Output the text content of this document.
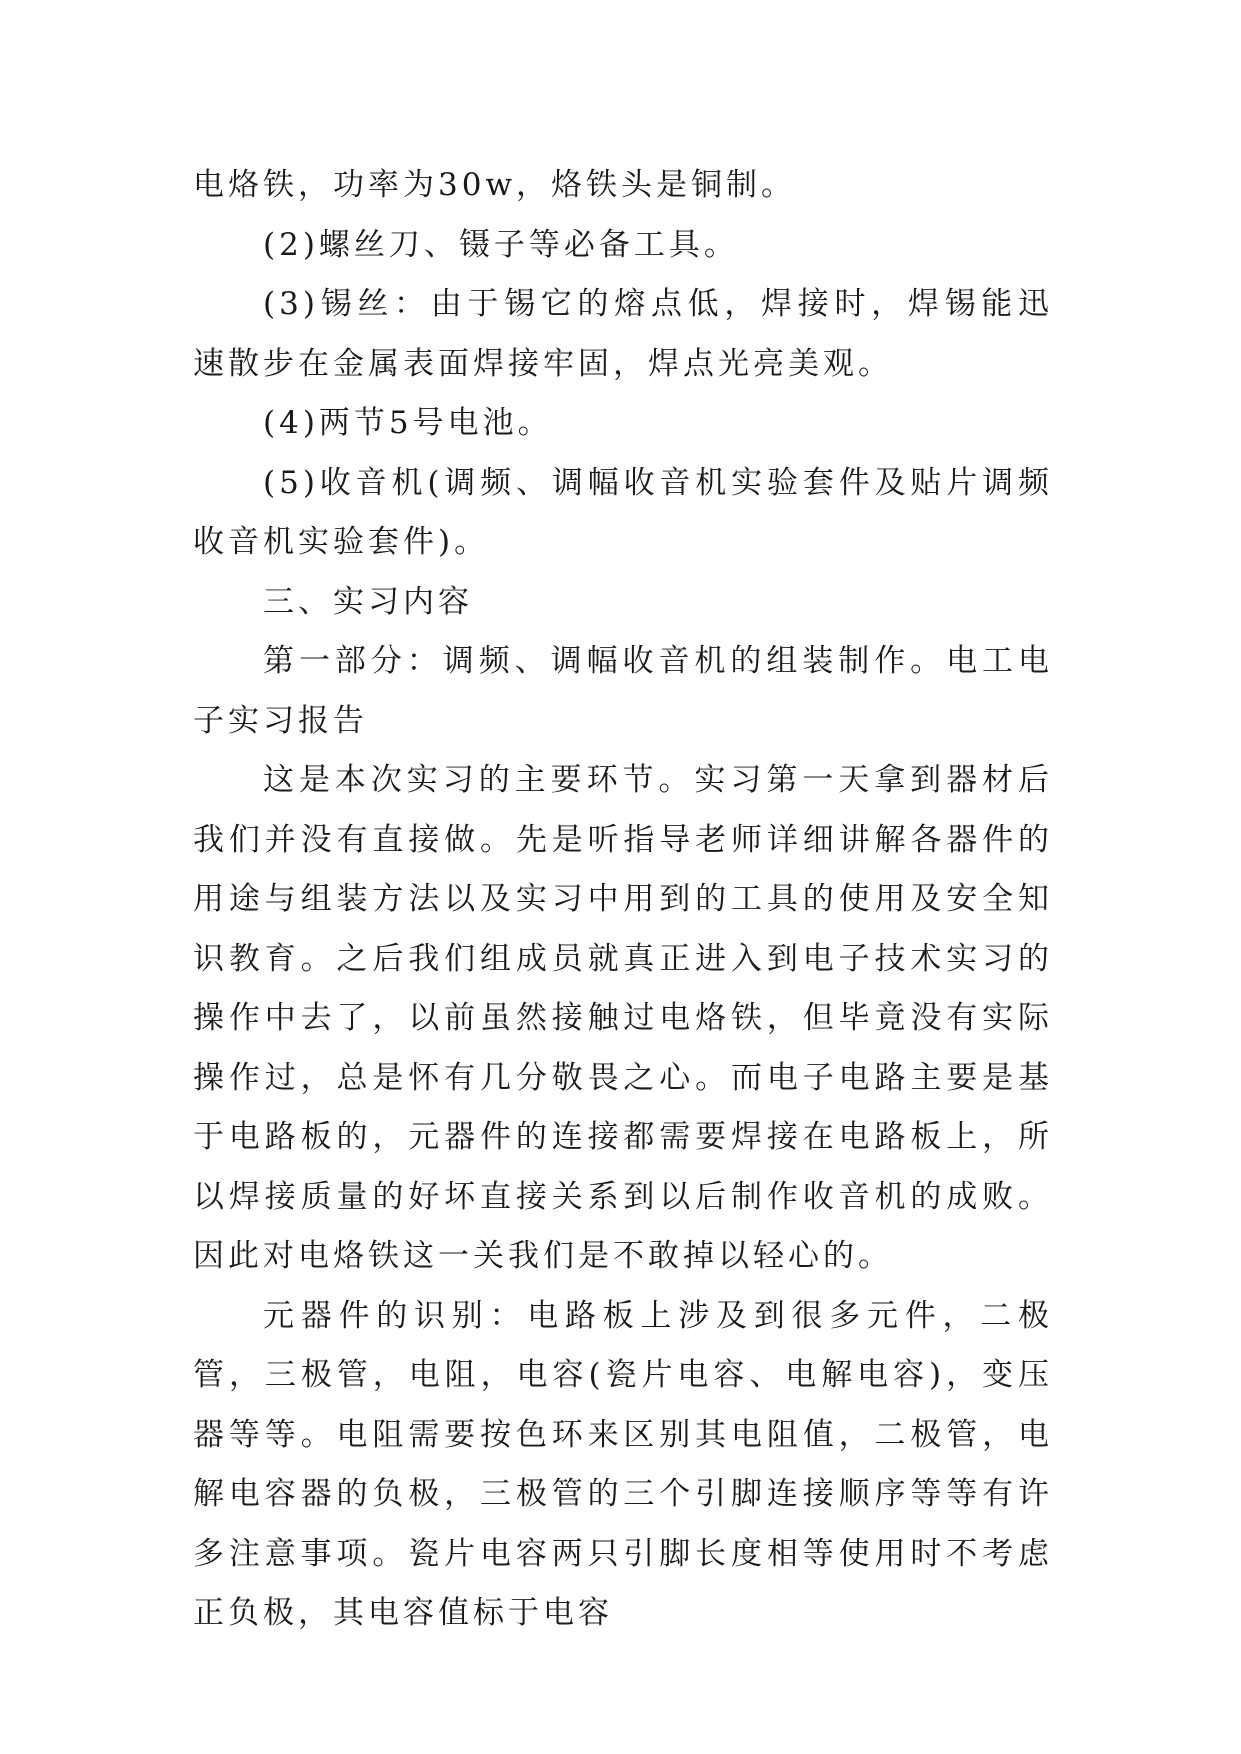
电烙铁，功率为30w，烙铁头是铜制。

(2)螺丝刀、镊子等必备工具。

(3)锡丝：由于锡它的熔点低，焊接时，焊锡能迅速散步在金属表面焊接牢固，焊点光亮美观。

(4)两节5号电池。

(5)收音机(调频、调幅收音机实验套件及贴片调频收音机实验套件)。

三、实习内容

第一部分：调频、调幅收音机的组装制作。电工电子实习报告

这是本次实习的主要环节。实习第一天拿到器材后我们并没有直接做。先是听指导老师详细讲解各器件的用途与组装方法以及实习中用到的工具的使用及安全知识教育。之后我们组成员就真正进入到电子技术实习的操作中去了，以前虽然接触过电烙铁，但毕竟没有实际操作过，总是怀有几分敬畏之心。而电子电路主要是基于电路板的，元器件的连接都需要焊接在电路板上，所以焊接质量的好坏直接关系到以后制作收音机的成败。因此对电烙铁这一关我们是不敢掉以轻心的。

元器件的识别：电路板上涉及到很多元件，二极管，三极管，电阻，电容(瓷片电容、电解电容)，变压器等等。电阻需要按色环来区别其电阻值，二极管，电解电容器的负极，三极管的三个引脚连接顺序等等有许多注意事项。瓷片电容两只引脚长度相等使用时不考虑正负极，其电容值标于电容
